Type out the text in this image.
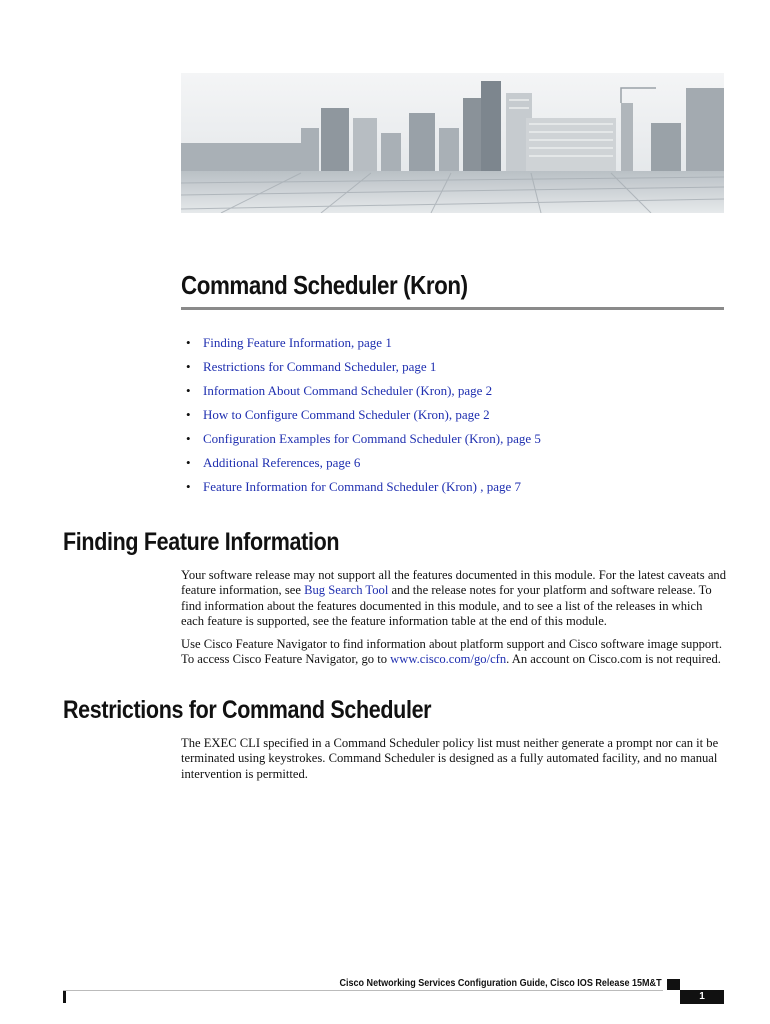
Command Scheduler (Kron)
• Finding Feature Information, page 1
• Restrictions for Command Scheduler, page 1
• Information About Command Scheduler (Kron), page 2
• How to Configure Command Scheduler (Kron), page 2
• Configuration Examples for Command Scheduler (Kron), page 5
• Additional References, page 6
• Feature Information for Command Scheduler (Kron) , page 7
Finding Feature Information

Your software release may not support all the features documented in this module. For the latest caveats and feature information, see Bug Search Tool and the release notes for your platform and software release. To find information about the features documented in this module, and to see a list of the releases in which each feature is supported, see the feature information table at the end of this module.

Use Cisco Feature Navigator to find information about platform support and Cisco software image support. To access Cisco Feature Navigator, go to www.cisco.com/go/cfn. An account on Cisco.com is not required.

Restrictions for Command Scheduler

The EXEC CLI specified in a Command Scheduler policy list must neither generate a prompt nor can it be terminated using keystrokes. Command Scheduler is designed as a fully automated facility, and no manual intervention is permitted.

Cisco Networking Services Configuration Guide, Cisco IOS Release 15M&T

1
